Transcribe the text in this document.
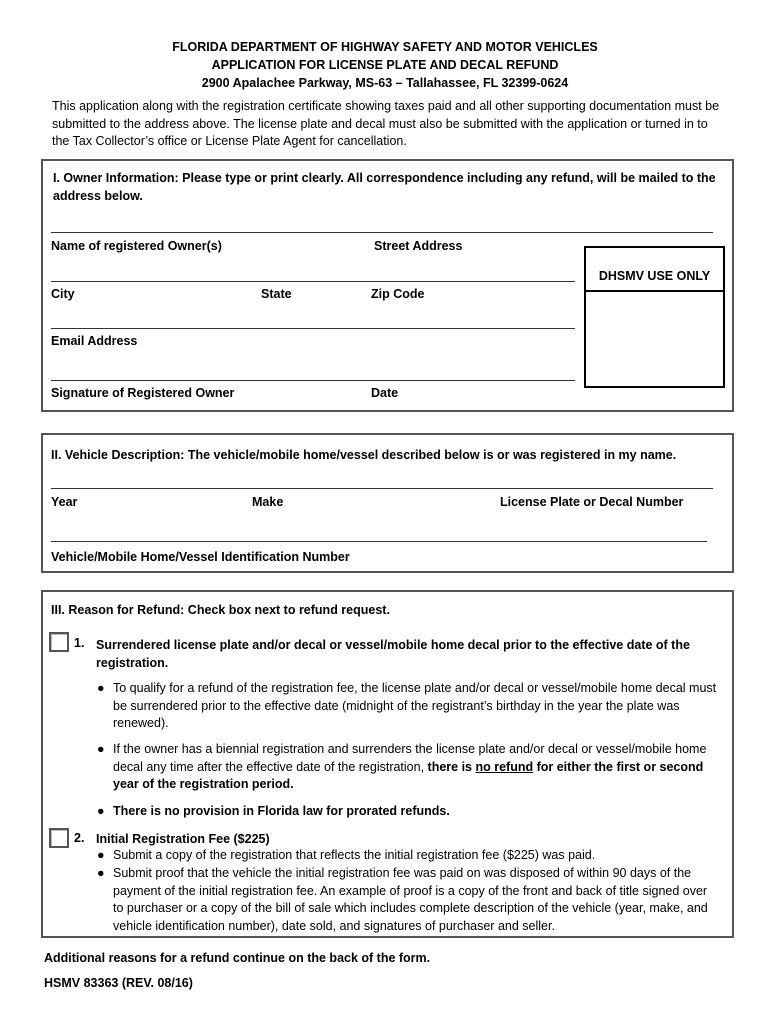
FLORIDA DEPARTMENT OF HIGHWAY SAFETY AND MOTOR VEHICLES
APPLICATION FOR LICENSE PLATE AND DECAL REFUND
2900 Apalachee Parkway, MS-63 – Tallahassee, FL 32399-0624
This application along with the registration certificate showing taxes paid and all other supporting documentation must be submitted to the address above. The license plate and decal must also be submitted with the application or turned in to the Tax Collector’s office or License Plate Agent for cancellation.
I. Owner Information: Please type or print clearly. All correspondence including any refund, will be mailed to the address below.
Name of registered Owner(s)	Street Address
City	State	Zip Code
Email Address
Signature of Registered Owner	Date
DHSMV USE ONLY
II. Vehicle Description: The vehicle/mobile home/vessel described below is or was registered in my name.
Year	Make	License Plate or Decal Number
Vehicle/Mobile Home/Vessel Identification Number
III. Reason for Refund: Check box next to refund request.
1. Surrendered license plate and/or decal or vessel/mobile home decal prior to the effective date of the registration.
● To qualify for a refund of the registration fee, the license plate and/or decal or vessel/mobile home decal must be surrendered prior to the effective date (midnight of the registrant’s birthday in the year the plate was renewed).
● If the owner has a biennial registration and surrenders the license plate and/or decal or vessel/mobile home decal any time after the effective date of the registration, there is no refund for either the first or second year of the registration period.
● There is no provision in Florida law for prorated refunds.
2. Initial Registration Fee ($225)
● Submit a copy of the registration that reflects the initial registration fee ($225) was paid.
● Submit proof that the vehicle the initial registration fee was paid on was disposed of within 90 days of the payment of the initial registration fee. An example of proof is a copy of the front and back of title signed over to purchaser or a copy of the bill of sale which includes complete description of the vehicle (year, make, and vehicle identification number), date sold, and signatures of purchaser and seller.
Additional reasons for a refund continue on the back of the form.
HSMV 83363 (REV. 08/16)
